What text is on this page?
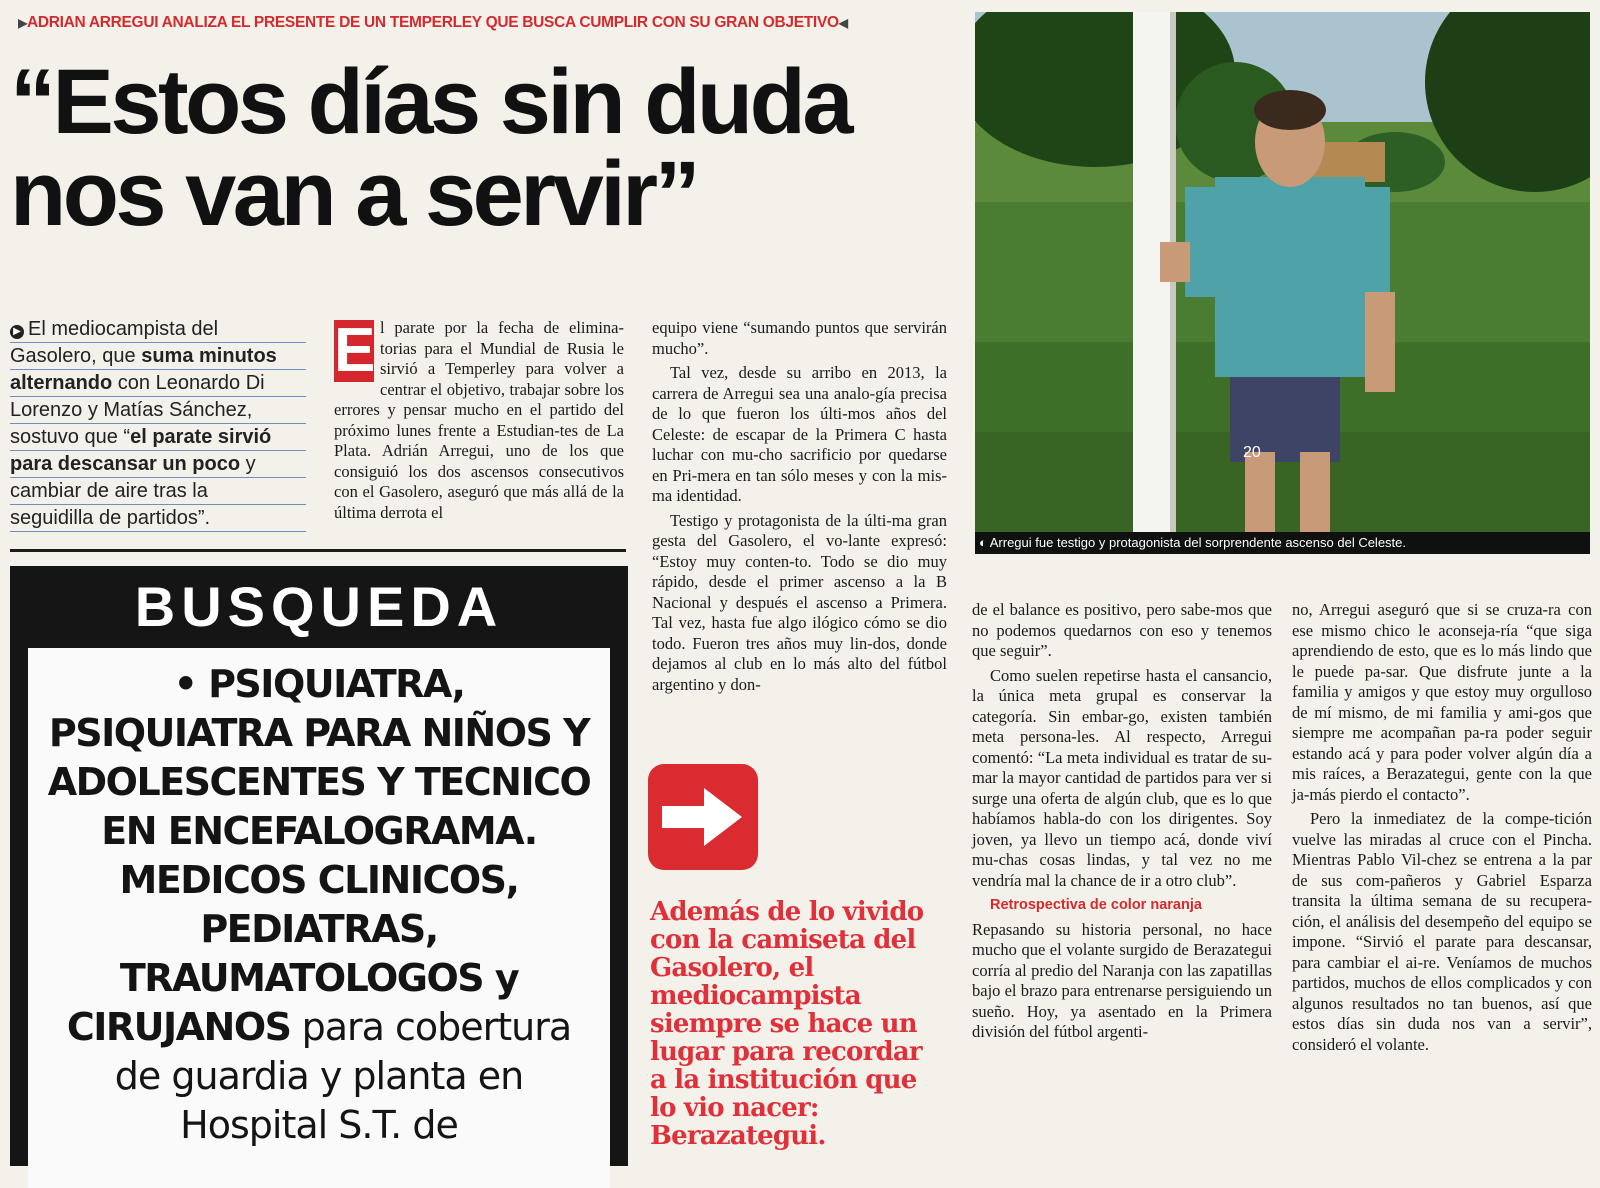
▶ADRIAN ARREGUI ANALIZA EL PRESENTE DE UN TEMPERLEY QUE BUSCA CUMPLIR CON SU GRAN OBJETIVO◀
“Estos días sin duda
nos van a servir”
20
◐ Arregui fue testigo y protagonista del sorprendente ascenso del Celeste.

▶ El mediocampista del

Gasolero, que suma minutos

alternando con Leonardo Di

Lorenzo y Matías Sánchez,

sostuvo que “el parate sirvió

para descansar un poco y

cambiar de aire tras la

seguidilla de partidos”.

E l parate por la fecha de elimina-torias para el Mundial de Rusia le sirvió a Temperley para volver a centrar el objetivo, trabajar sobre los errores y pensar mucho en el partido del próximo lunes frente a Estudian-tes de La Plata. Adrián Arregui, uno de los que consiguió los dos ascensos consecutivos con el Gasolero, aseguró que más allá de la última derrota el

equipo viene “sumando puntos que servirán mucho”.

Tal vez, desde su arribo en 2013, la carrera de Arregui sea una analo-gía precisa de lo que fueron los últi-mos años del Celeste: de escapar de la Primera C hasta luchar con mu-cho sacrificio por quedarse en Pri-mera en tan sólo meses y con la mis-ma identidad.

Testigo y protagonista de la últi-ma gran gesta del Gasolero, el vo-lante expresó: “Estoy muy conten-to. Todo se dio muy rápido, desde el primer ascenso a la B Nacional y después el ascenso a Primera. Tal vez, hasta fue algo ilógico cómo se dio todo. Fueron tres años muy lin-dos, donde dejamos al club en lo más alto del fútbol argentino y don-

de el balance es positivo, pero sabe-mos que no podemos quedarnos con eso y tenemos que seguir”.

Como suelen repetirse hasta el cansancio, la única meta grupal es conservar la categoría. Sin embar-go, existen también meta persona-les. Al respecto, Arregui comentó: “La meta individual es tratar de su-mar la mayor cantidad de partidos para ver si surge una oferta de algún club, que es lo que habíamos habla-do con los dirigentes. Soy joven, ya llevo un tiempo acá, donde viví mu-chas cosas lindas, y tal vez no me vendría mal la chance de ir a otro club”.

Retrospectiva de color naranja

Repasando su historia personal, no hace mucho que el volante surgido de Berazategui corría al predio del Naranja con las zapatillas bajo el brazo para entrenarse persiguiendo un sueño. Hoy, ya asentado en la Primera división del fútbol argenti-

no, Arregui aseguró que si se cruza-ra con ese mismo chico le aconseja-ría “que siga aprendiendo de esto, que es lo más lindo que le puede pa-sar. Que disfrute junte a la familia y amigos y que estoy muy orgulloso de mí mismo, de mi familia y ami-gos que siempre me acompañan pa-ra poder seguir estando acá y para poder volver algún día a mis raíces, a Berazategui, gente con la que ja-más pierdo el contacto”.

Pero la inmediatez de la compe-tición vuelve las miradas al cruce con el Pincha. Mientras Pablo Vil-chez se entrena a la par de sus com-pañeros y Gabriel Esparza transita la última semana de su recupera-ción, el análisis del desempeño del equipo se impone. “Sirvió el parate para descansar, para cambiar el ai-re. Veníamos de muchos partidos, muchos de ellos complicados y con algunos resultados no tan buenos, así que estos días sin duda nos van a servir”, consideró el volante.

BUSQUEDA
• PSIQUIATRA,
PSIQUIATRA PARA NIÑOS Y
ADOLESCENTES Y TECNICO
EN ENCEFALOGRAMA.
MEDICOS CLINICOS,
PEDIATRAS,
TRAUMATOLOGOS y
CIRUJANOS para cobertura
de guardia y planta en
Hospital S.T. de
Además de lo vivido
con la camiseta del
Gasolero, el
mediocampista
siempre se hace un
lugar para recordar
a la institución que
lo vio nacer:
Berazategui.
